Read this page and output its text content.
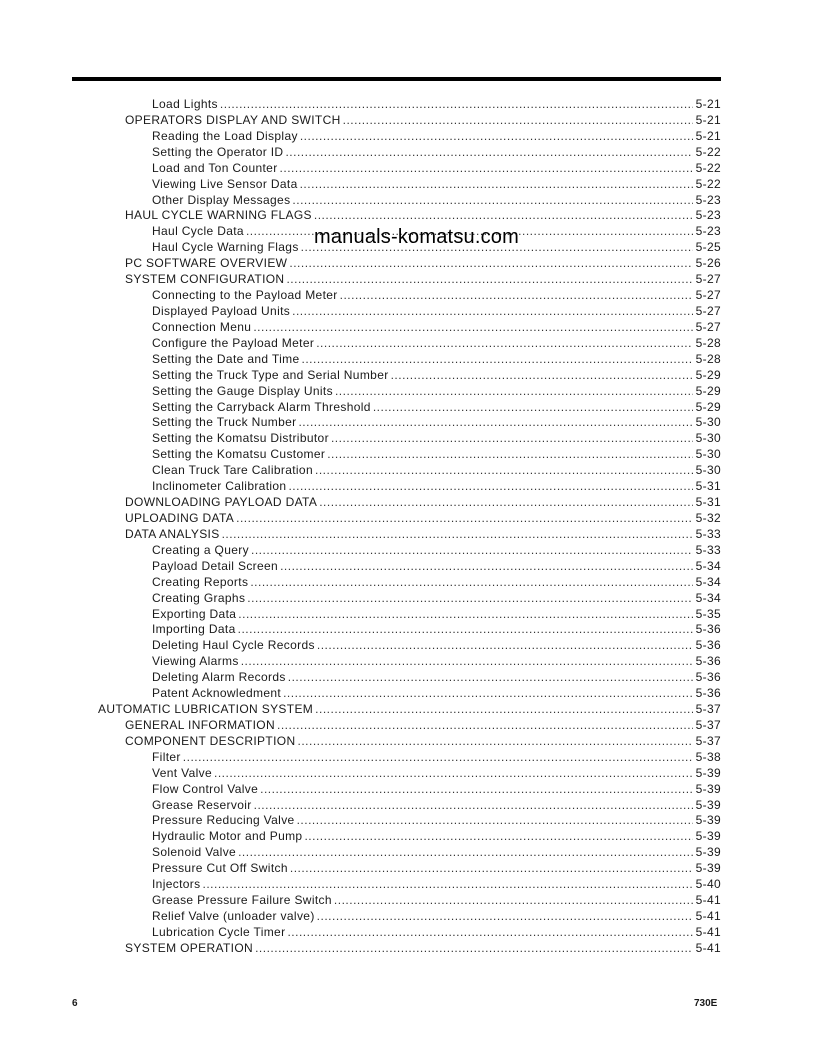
Load Lights .....	5-21
OPERATORS DISPLAY AND SWITCH .....	5-21
Reading the Load Display .....	5-21
Setting the Operator ID .....	5-22
Load and Ton Counter .....	5-22
Viewing Live Sensor Data .....	5-22
Other Display Messages .....	5-23
HAUL CYCLE WARNING FLAGS .....	5-23
Haul Cycle Data .....	5-23
Haul Cycle Warning Flags .....	5-25
PC SOFTWARE OVERVIEW .....	5-26
SYSTEM CONFIGURATION .....	5-27
Connecting to the Payload Meter .....	5-27
Displayed Payload Units .....	5-27
Connection Menu .....	5-27
Configure the Payload Meter .....	5-28
Setting the Date and Time .....	5-28
Setting the Truck Type and Serial Number .....	5-29
Setting the Gauge Display Units .....	5-29
Setting the Carryback Alarm Threshold .....	5-29
Setting the Truck Number .....	5-30
Setting the Komatsu Distributor .....	5-30
Setting the Komatsu Customer .....	5-30
Clean Truck Tare Calibration .....	5-30
Inclinometer Calibration .....	5-31
DOWNLOADING PAYLOAD DATA .....	5-31
UPLOADING DATA .....	5-32
DATA ANALYSIS .....	5-33
Creating a Query .....	5-33
Payload Detail Screen .....	5-34
Creating Reports .....	5-34
Creating Graphs .....	5-34
Exporting Data .....	5-35
Importing Data .....	5-36
Deleting Haul Cycle Records .....	5-36
Viewing Alarms .....	5-36
Deleting Alarm Records .....	5-36
Patent Acknowledment .....	5-36
AUTOMATIC LUBRICATION SYSTEM .....	5-37
GENERAL INFORMATION .....	5-37
COMPONENT DESCRIPTION .....	5-37
Filter .....	5-38
Vent Valve .....	5-39
Flow Control Valve .....	5-39
Grease Reservoir .....	5-39
Pressure Reducing Valve .....	5-39
Hydraulic Motor and Pump .....	5-39
Solenoid Valve .....	5-39
Pressure Cut Off Switch .....	5-39
Injectors .....	5-40
Grease Pressure Failure Switch .....	5-41
Relief Valve (unloader valve) .....	5-41
Lubrication Cycle Timer .....	5-41
SYSTEM OPERATION .....	5-41
manuals-komatsu.com
6	730E
